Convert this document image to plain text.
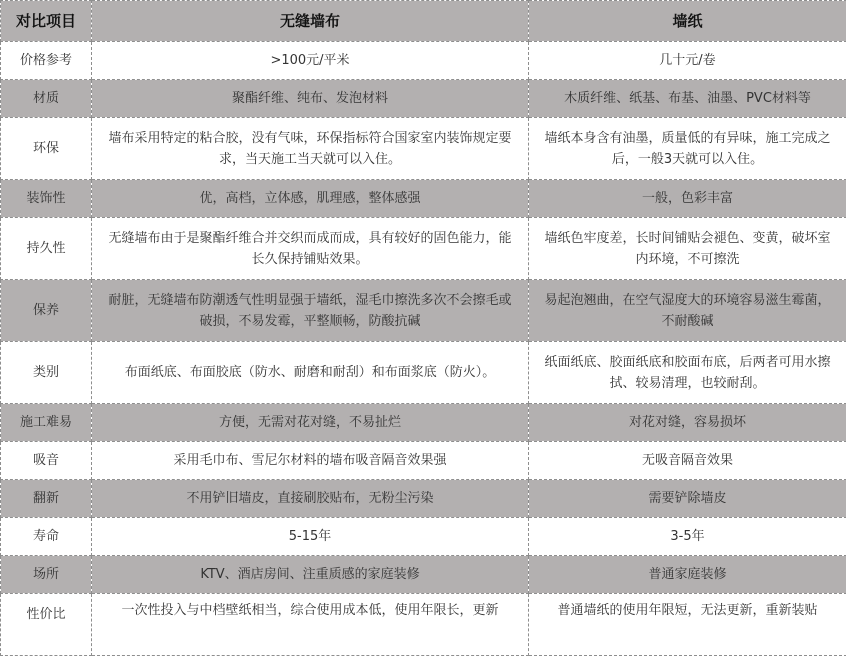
对比项目	无缝墙布	墙纸
价格参考	>100元/平米	几十元/卷
材质	聚酯纤维、纯布、发泡材料	木质纤维、纸基、布基、油墨、PVC材料等
环保	墙布采用特定的粘合胶，没有气味，环保指标符合国家室内装饰规定要求，当天施工当天就可以入住。	墙纸本身含有油墨，质量低的有异味，施工完成之后，一般3天就可以入住。
装饰性	优，高档，立体感，肌理感，整体感强	一般，色彩丰富
持久性	无缝墙布由于是聚酯纤维合并交织而成而成，具有较好的固色能力，能长久保持铺贴效果。	墙纸色牢度差，长时间铺贴会褪色、变黄，破坏室内环境，不可擦洗
保养	耐脏，无缝墙布防潮透气性明显强于墙纸，湿毛巾擦洗多次不会擦毛或破损，不易发霉，平整顺畅，防酸抗碱	易起泡翘曲，在空气湿度大的环境容易滋生霉菌，不耐酸碱
类别	布面纸底、布面胶底（防水、耐磨和耐刮）和布面浆底（防火）。	纸面纸底、胶面纸底和胶面布底，后两者可用水擦拭、较易清理，也较耐刮。
施工难易	方便，无需对花对缝，不易扯烂	对花对缝，容易损坏
吸音	采用毛巾布、雪尼尔材料的墙布吸音隔音效果强	无吸音隔音效果
翻新	不用铲旧墙皮，直接刷胶贴布，无粉尘污染	需要铲除墙皮
寿命	5-15年	3-5年
场所	KTV、酒店房间、注重质感的家庭装修	普通家庭装修
性价比	一次性投入与中档壁纸相当，综合使用成本低，使用年限长，更新	普通墙纸的使用年限短，无法更新，重新装贴
